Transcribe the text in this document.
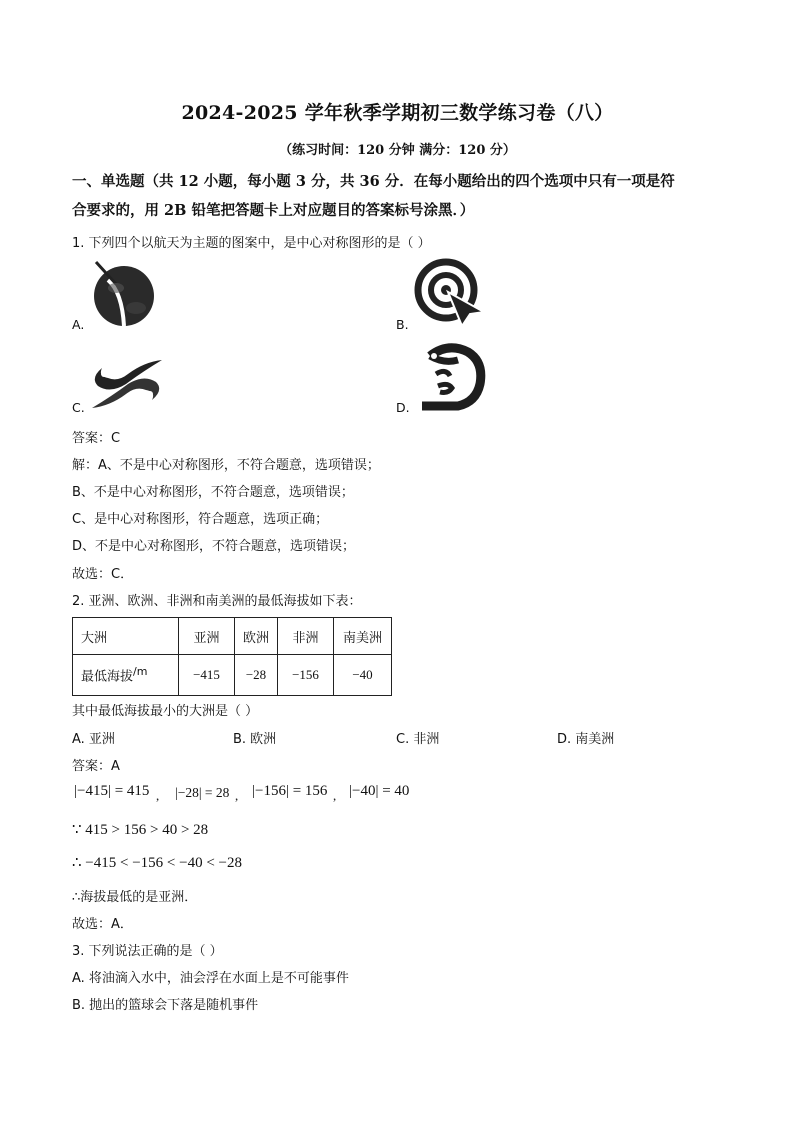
2024-2025 学年秋季学期初三数学练习卷（八）
（练习时间：120 分钟 满分：120 分）
一、单选题（共 12 小题，每小题 3 分，共 36 分．在每小题给出的四个选项中只有一项是符
合要求的，用 2B 铅笔把答题卡上对应题目的答案标号涂黑．）
1. 下列四个以航天为主题的图案中，是中心对称图形的是（ ）
A.	B.
C.	D.
答案：C
解：A、不是中心对称图形，不符合题意，选项错误；
B、不是中心对称图形，不符合题意，选项错误；
C、是中心对称图形，符合题意，选项正确；
D、不是中心对称图形，不符合题意，选项错误；
故选：C．
2. 亚洲、欧洲、非洲和南美洲的最低海拔如下表：
大洲	亚洲	欧洲	非洲	南美洲
最低海拔$^{/m}$	−415	−28	−156	−40
其中最低海拔最小的大洲是（ ）
A. 亚洲	B. 欧洲	C. 非洲	D. 南美洲
答案：A
|−415| = 415 , |−28| = 28 , |−156| = 156 , |−40| = 40
∵ 415 > 156 > 40 > 28
∴ −415 < −156 < −40 < −28
∴海拔最低的是亚洲．
故选：A．
3. 下列说法正确的是（ ）
A. 将油滴入水中，油会浮在水面上是不可能事件
B. 抛出的篮球会下落是随机事件
